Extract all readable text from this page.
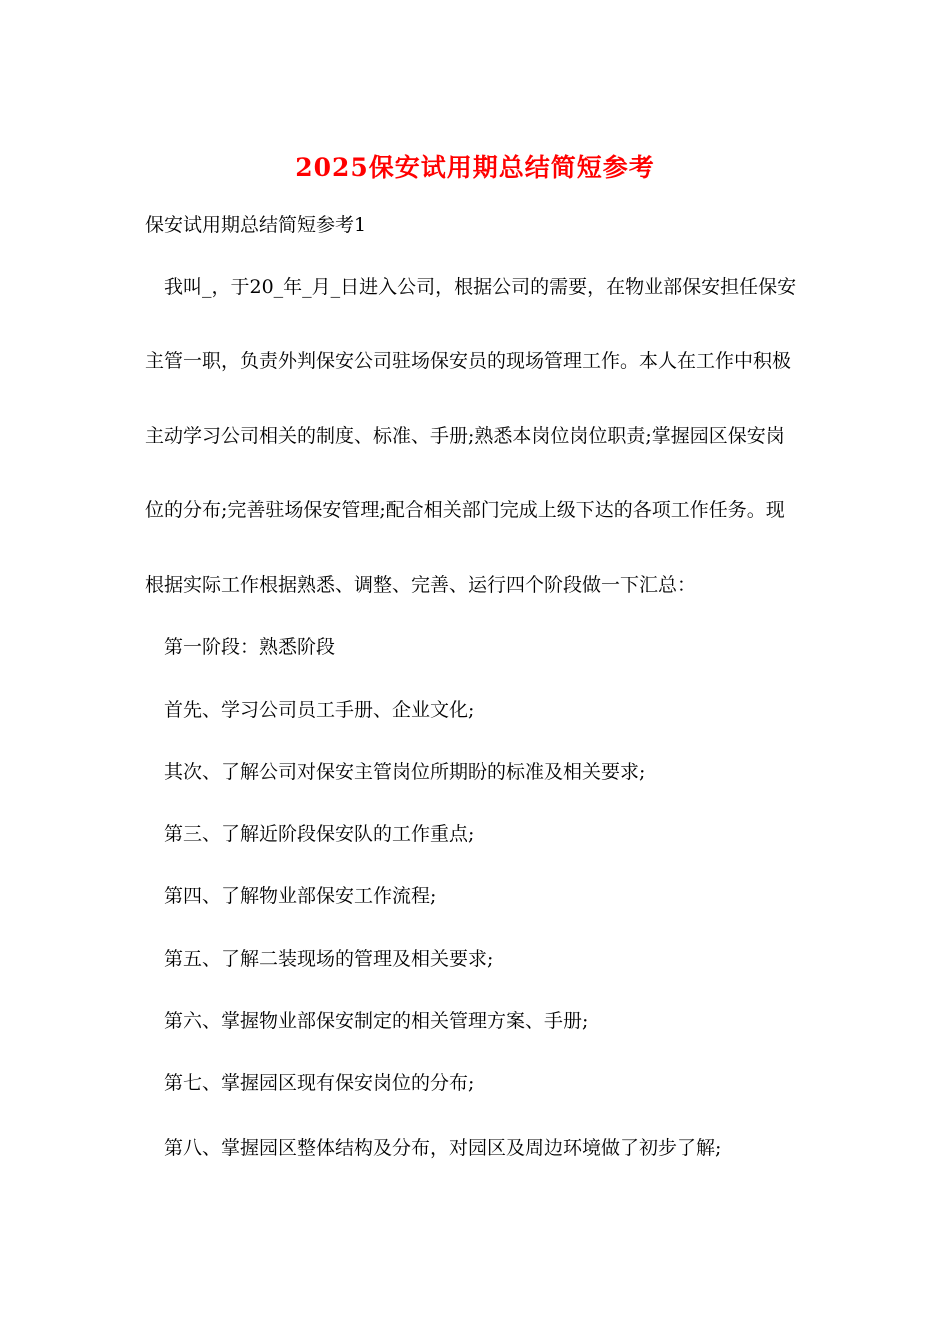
2025保安试用期总结简短参考
保安试用期总结简短参考1
我叫_，于20_年_月_日进入公司，根据公司的需要，在物业部保安担任保安
主管一职，负责外判保安公司驻场保安员的现场管理工作。本人在工作中积极
主动学习公司相关的制度、标准、手册;熟悉本岗位岗位职责;掌握园区保安岗
位的分布;完善驻场保安管理;配合相关部门完成上级下达的各项工作任务。现
根据实际工作根据熟悉、调整、完善、运行四个阶段做一下汇总：
第一阶段：熟悉阶段
首先、学习公司员工手册、企业文化;
其次、了解公司对保安主管岗位所期盼的标准及相关要求;
第三、了解近阶段保安队的工作重点;
第四、了解物业部保安工作流程;
第五、了解二装现场的管理及相关要求;
第六、掌握物业部保安制定的相关管理方案、手册;
第七、掌握园区现有保安岗位的分布;
第八、掌握园区整体结构及分布，对园区及周边环境做了初步了解;
